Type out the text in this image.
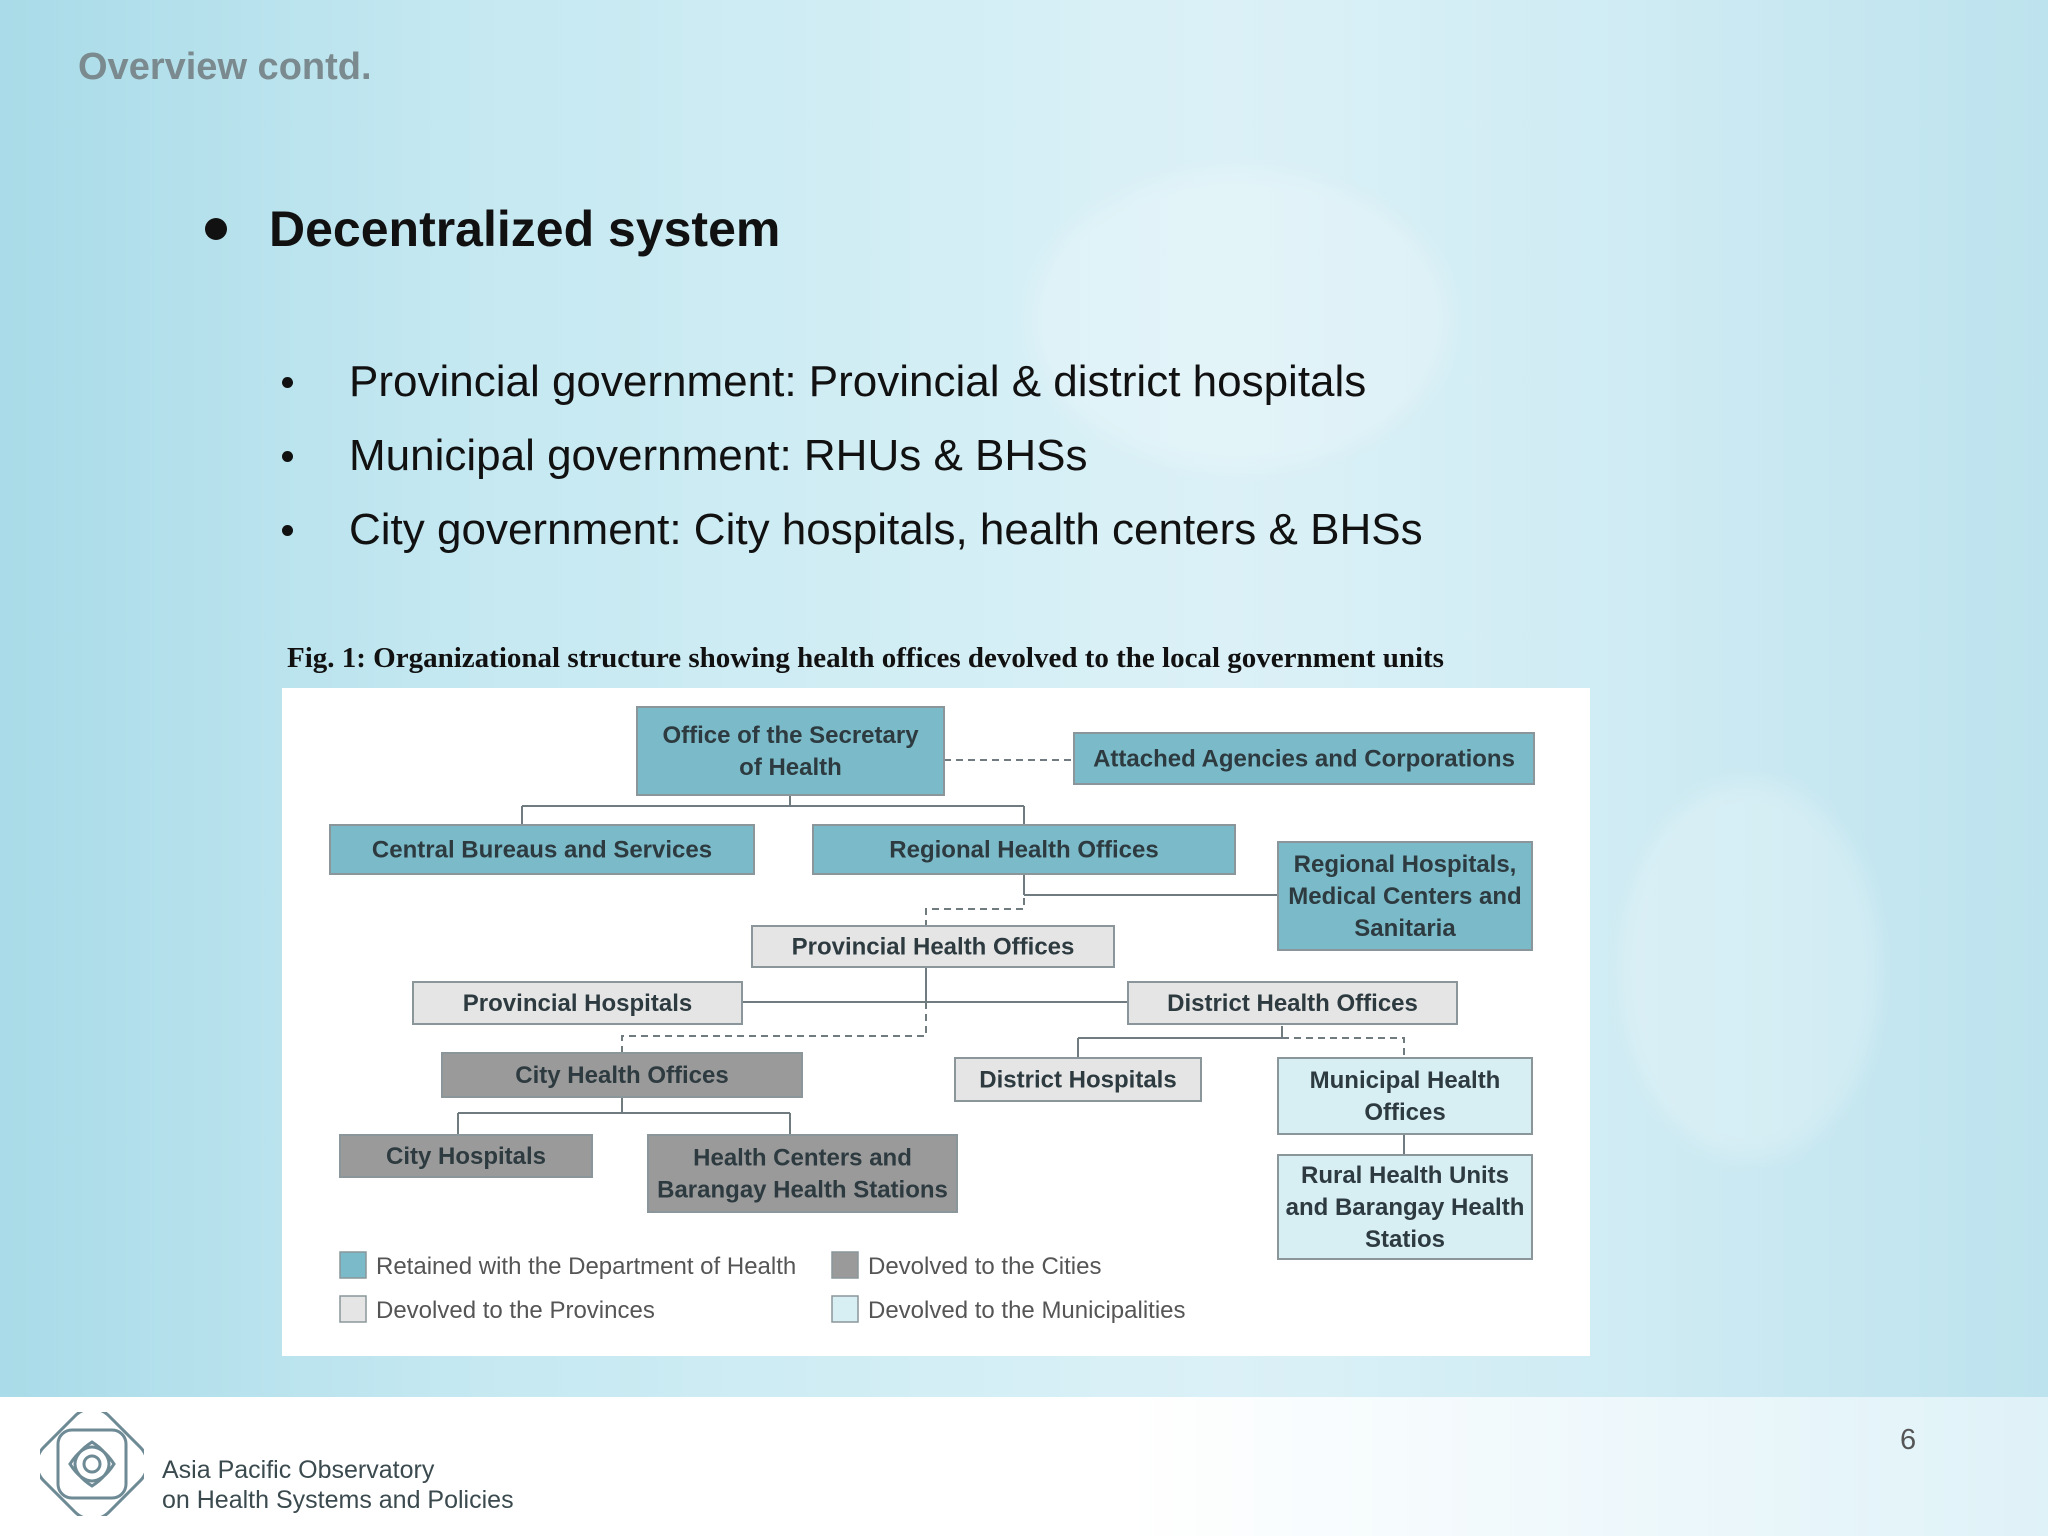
Overview contd.
Decentralized system
Provincial government: Provincial & district hospitals
Municipal government: RHUs & BHSs
City government: City hospitals, health centers & BHSs
Fig. 1: Organizational structure showing health offices devolved to the local government units
Office of the Secretary
of Health	Attached Agencies and Corporations
Central Bureaus and Services	Regional Health Offices
Regional Hospitals,
Medical Centers and
Sanitaria
Provincial Health Offices
Provincial Hospitals	District Health Offices
City Health Offices	District Hospitals	Municipal Health
Offices
City Hospitals	Health Centers and
Barangay Health Stations
Rural Health Units
and Barangay Health
Statios
Retained with the Department of Health	Devolved to the Cities
Devolved to the Provinces	Devolved to the Municipalities
Asia Pacific Observatory
on Health Systems and Policies
6
